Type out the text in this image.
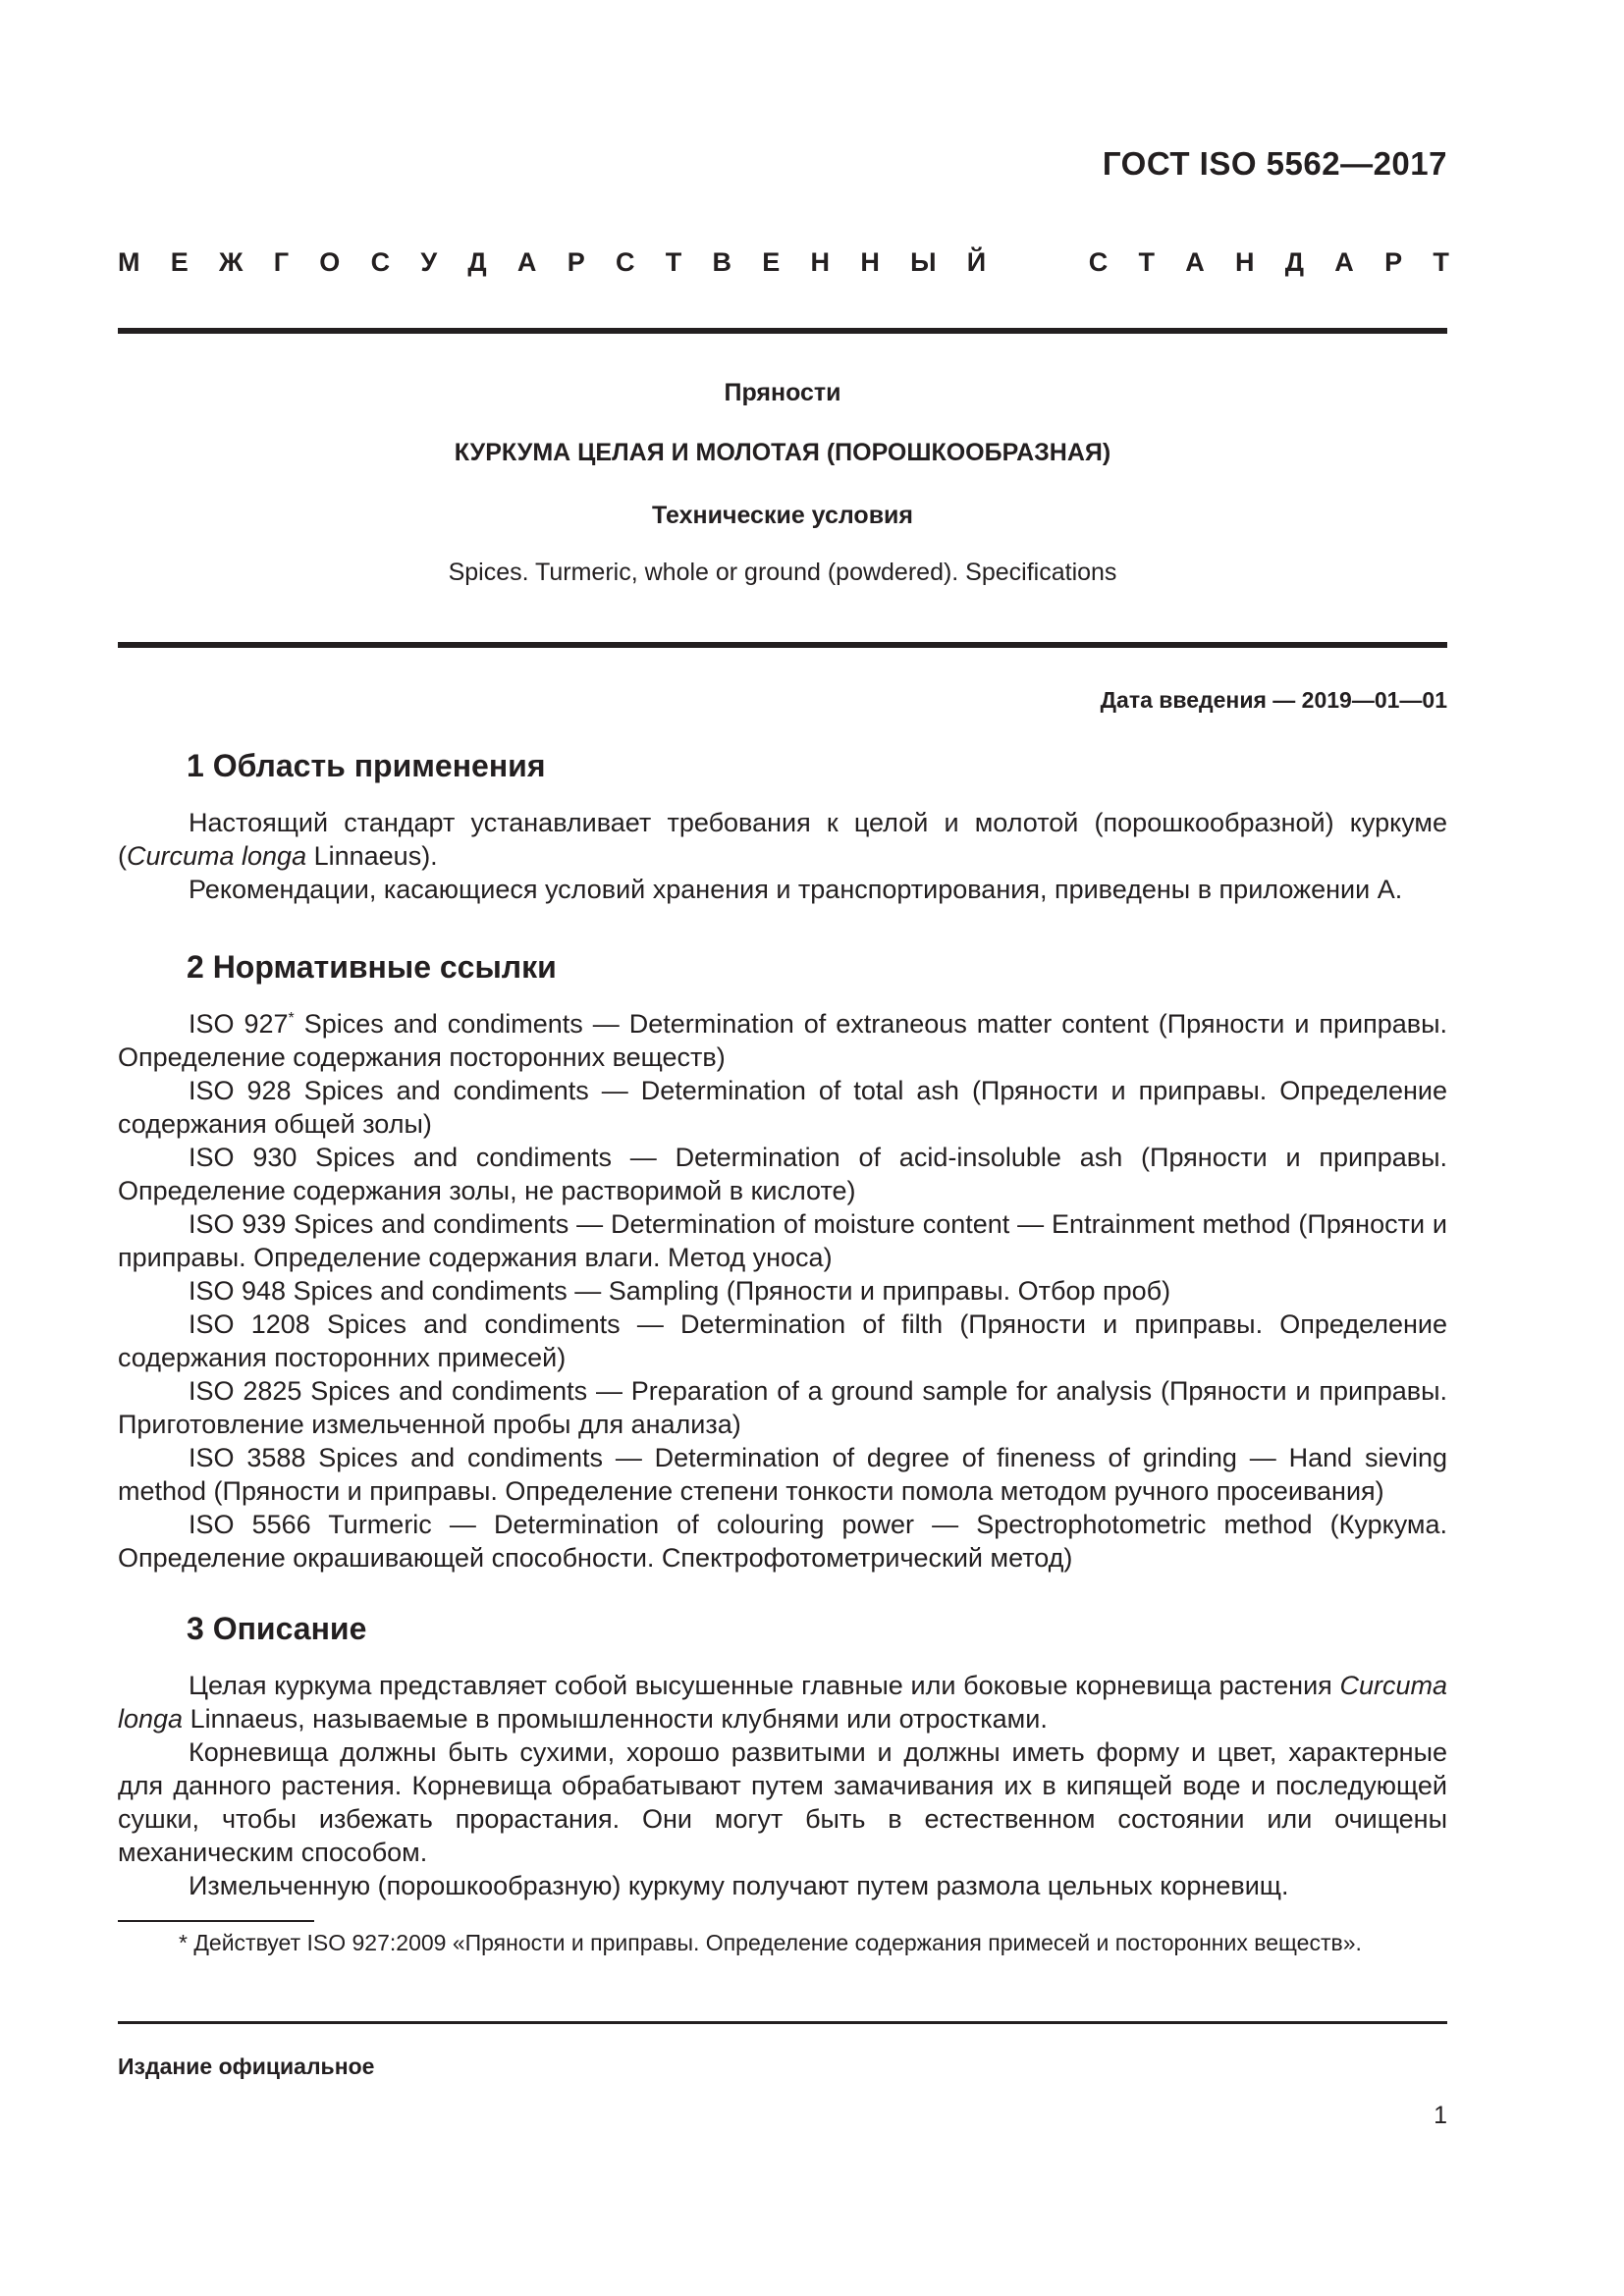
ГОСТ ISO 5562—2017
М Е Ж Г О С У Д А Р С Т В Е Н Н Ы Й	С Т А Н Д А Р Т
Пряности
КУРКУМА ЦЕЛАЯ И МОЛОТАЯ (ПОРОШКООБРАЗНАЯ)
Технические условия
Spices. Turmeric, whole or ground (powdered). Specifications
Дата введения — 2019—01—01
1 Область применения

Настоящий стандарт устанавливает требования к целой и молотой (порошкообразной) куркуме (Curcuma longa Linnaeus).

Рекомендации, касающиеся условий хранения и транспортирования, приведены в приложении А.

2 Нормативные ссылки

ISO 927* Spices and condiments — Determination of extraneous matter content (Пряности и приправы. Определение содержания посторонних веществ)

ISO 928 Spices and condiments — Determination of total ash (Пряности и приправы. Определение содержания общей золы)

ISO 930 Spices and condiments — Determination of acid-insoluble ash (Пряности и приправы. Определение содержания золы, не растворимой в кислоте)

ISO 939 Spices and condiments — Determination of moisture content — Entrainment method (Пряности и приправы. Определение содержания влаги. Метод уноса)

ISO 948 Spices and condiments — Sampling (Пряности и приправы. Отбор проб)

ISO 1208 Spices and condiments — Determination of filth (Пряности и приправы. Определение содержания посторонних примесей)

ISO 2825 Spices and condiments — Preparation of a ground sample for analysis (Пряности и приправы. Приготовление измельченной пробы для анализа)

ISO 3588 Spices and condiments — Determination of degree of fineness of grinding — Hand sieving method (Пряности и приправы. Определение степени тонкости помола методом ручного просеивания)

ISO 5566 Turmeric — Determination of colouring power — Spectrophotometric method (Куркума. Определение окрашивающей способности. Спектрофотометрический метод)

3 Описание

Целая куркума представляет собой высушенные главные или боковые корневища растения Curcuma longa Linnaeus, называемые в промышленности клубнями или отростками.

Корневища должны быть сухими, хорошо развитыми и должны иметь форму и цвет, характерные для данного растения. Корневища обрабатывают путем замачивания их в кипящей воде и последующей сушки, чтобы избежать прорастания. Они могут быть в естественном состоянии или очищены механическим способом.

Измельченную (порошкообразную) куркуму получают путем размола цельных корневищ.

* Действует ISO 927:2009 «Пряности и приправы. Определение содержания примесей и посторонних веществ».

Издание официальное
1
